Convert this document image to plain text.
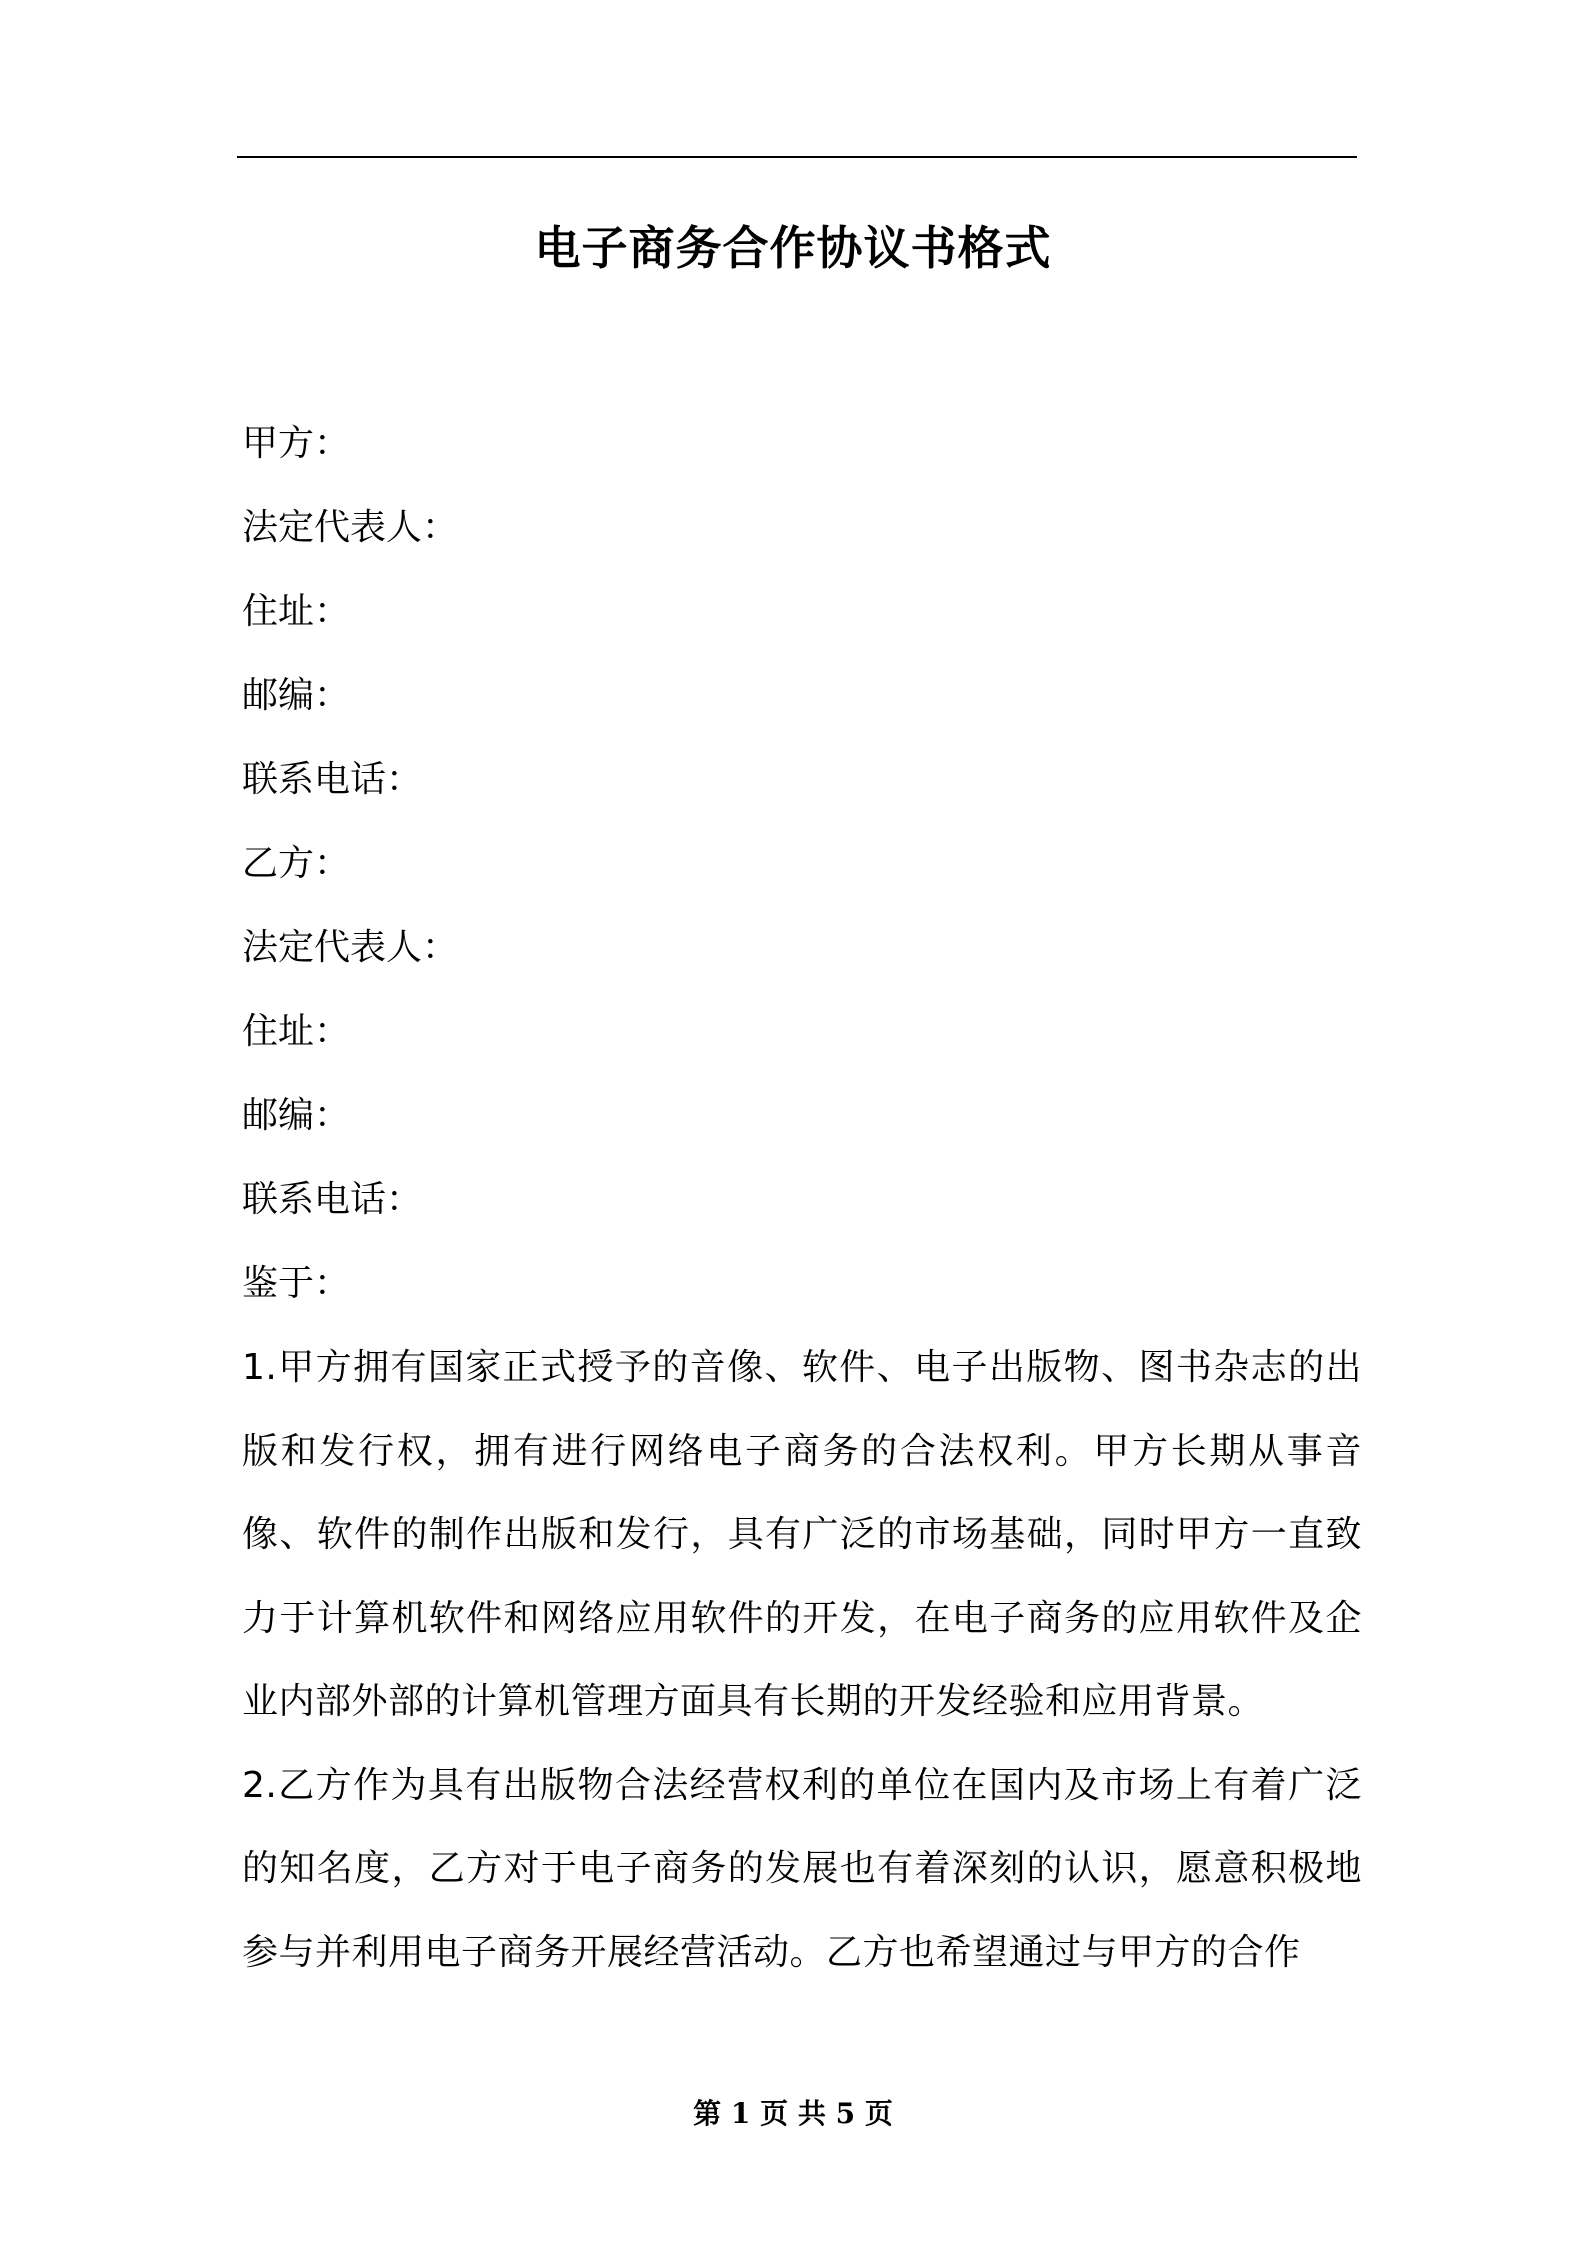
电子商务合作协议书格式
甲方：
法定代表人：
住址：
邮编：
联系电话：
乙方：
法定代表人：
住址：
邮编：
联系电话：
鉴于：

1.甲方拥有国家正式授予的音像、软件、电子出版物、图书杂志的出版和发行权，拥有进行网络电子商务的合法权利。甲方长期从事音像、软件的制作出版和发行，具有广泛的市场基础，同时甲方一直致力于计算机软件和网络应用软件的开发，在电子商务的应用软件及企业内部外部的计算机管理方面具有长期的开发经验和应用背景。

2.乙方作为具有出版物合法经营权利的单位在国内及市场上有着广泛的知名度，乙方对于电子商务的发展也有着深刻的认识，愿意积极地参与并利用电子商务开展经营活动。乙方也希望通过与甲方的合作

第 1 页 共 5 页
